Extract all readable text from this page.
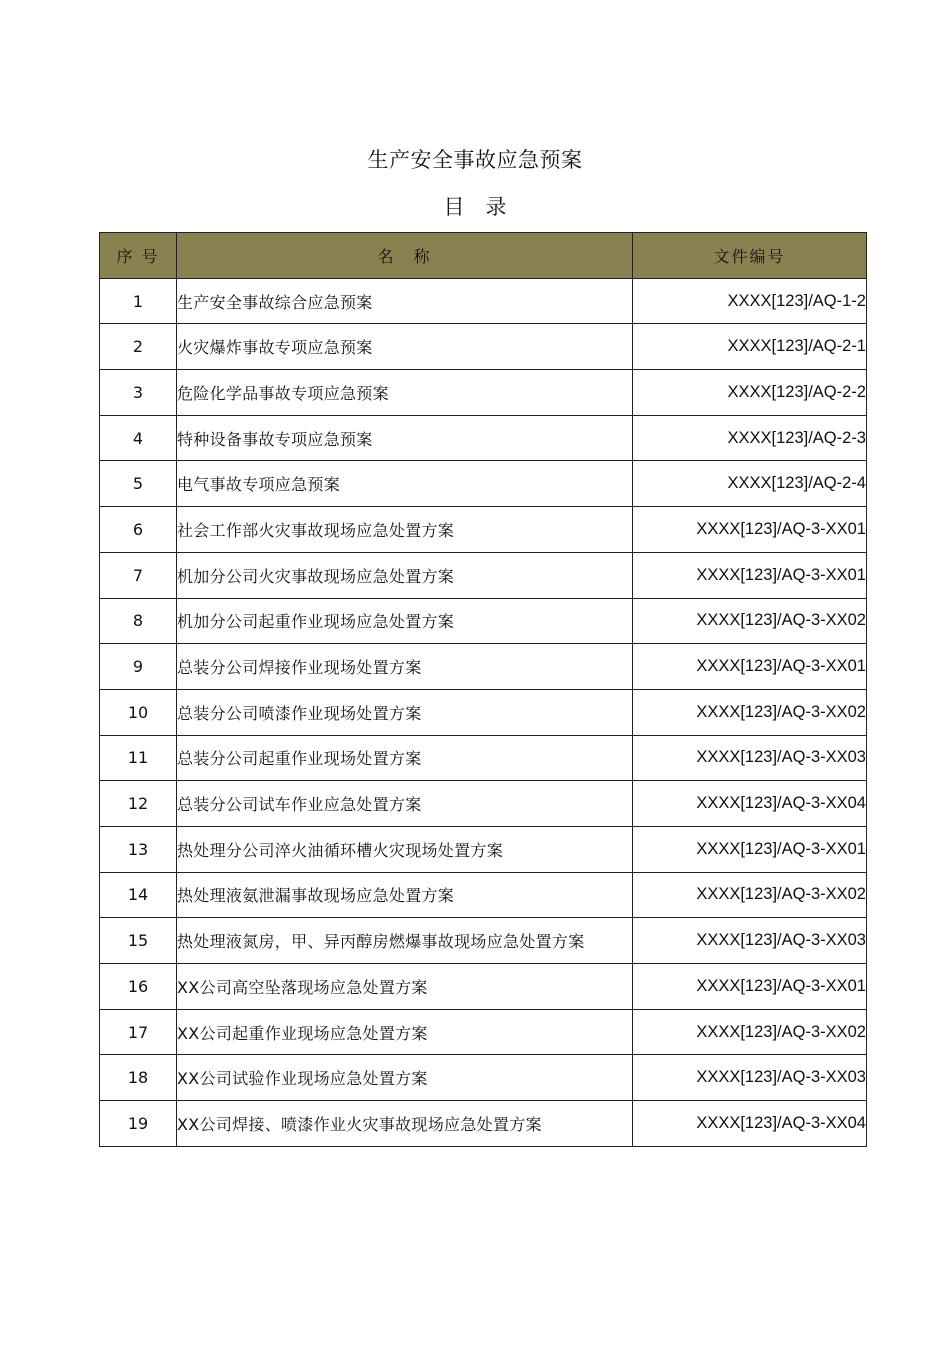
生产安全事故应急预案
目　录
序 号	名　称	文件编号
1	生产安全事故综合应急预案	XXXX[123]/AQ-1-2
2	火灾爆炸事故专项应急预案	XXXX[123]/AQ-2-1
3	危险化学品事故专项应急预案	XXXX[123]/AQ-2-2
4	特种设备事故专项应急预案	XXXX[123]/AQ-2-3
5	电气事故专项应急预案	XXXX[123]/AQ-2-4
6	社会工作部火灾事故现场应急处置方案	XXXX[123]/AQ-3-XX01
7	机加分公司火灾事故现场应急处置方案	XXXX[123]/AQ-3-XX01
8	机加分公司起重作业现场应急处置方案	XXXX[123]/AQ-3-XX02
9	总装分公司焊接作业现场处置方案	XXXX[123]/AQ-3-XX01
10	总装分公司喷漆作业现场处置方案	XXXX[123]/AQ-3-XX02
11	总装分公司起重作业现场处置方案	XXXX[123]/AQ-3-XX03
12	总装分公司试车作业应急处置方案	XXXX[123]/AQ-3-XX04
13	热处理分公司淬火油循环槽火灾现场处置方案	XXXX[123]/AQ-3-XX01
14	热处理液氨泄漏事故现场应急处置方案	XXXX[123]/AQ-3-XX02
15	热处理液氮房，甲、异丙醇房燃爆事故现场应急处置方案	XXXX[123]/AQ-3-XX03
16	XX公司高空坠落现场应急处置方案	XXXX[123]/AQ-3-XX01
17	XX公司起重作业现场应急处置方案	XXXX[123]/AQ-3-XX02
18	XX公司试验作业现场应急处置方案	XXXX[123]/AQ-3-XX03
19	XX公司焊接、喷漆作业火灾事故现场应急处置方案	XXXX[123]/AQ-3-XX04
